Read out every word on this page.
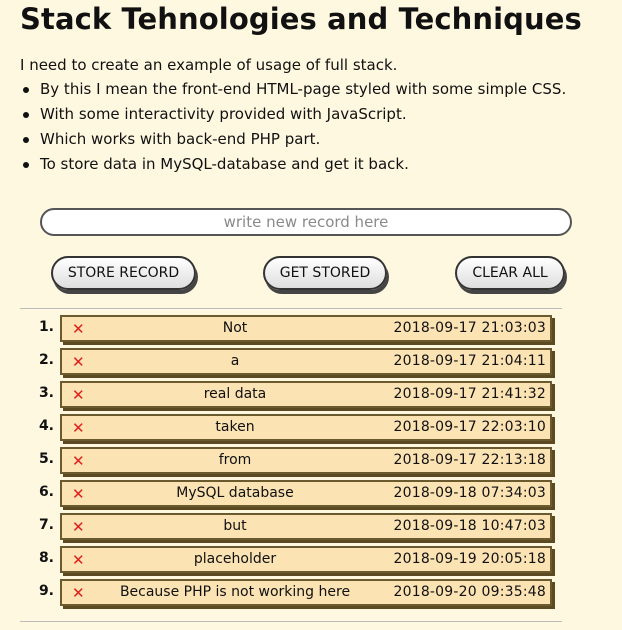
Stack Tehnologies and Techniques

I need to create an example of usage of full stack.

By this I mean the front-end HTML-page styled with some simple CSS.
With some interactivity provided with JavaScript.
Which works with back-end PHP part.
To store data in MySQL-database and get it back.
write new record here
STORE RECORD	GET STORED	CLEAR ALL
1. ✕	Not	2018-09-17 21:03:03
2. ✕	a	2018-09-17 21:04:11
3. ✕	real data	2018-09-17 21:41:32
4. ✕	taken	2018-09-17 22:03:10
5. ✕	from	2018-09-17 22:13:18
6. ✕	MySQL database	2018-09-18 07:34:03
7. ✕	but	2018-09-18 10:47:03
8. ✕	placeholder	2018-09-19 20:05:18
9. ✕	Because PHP is not working here	2018-09-20 09:35:48
